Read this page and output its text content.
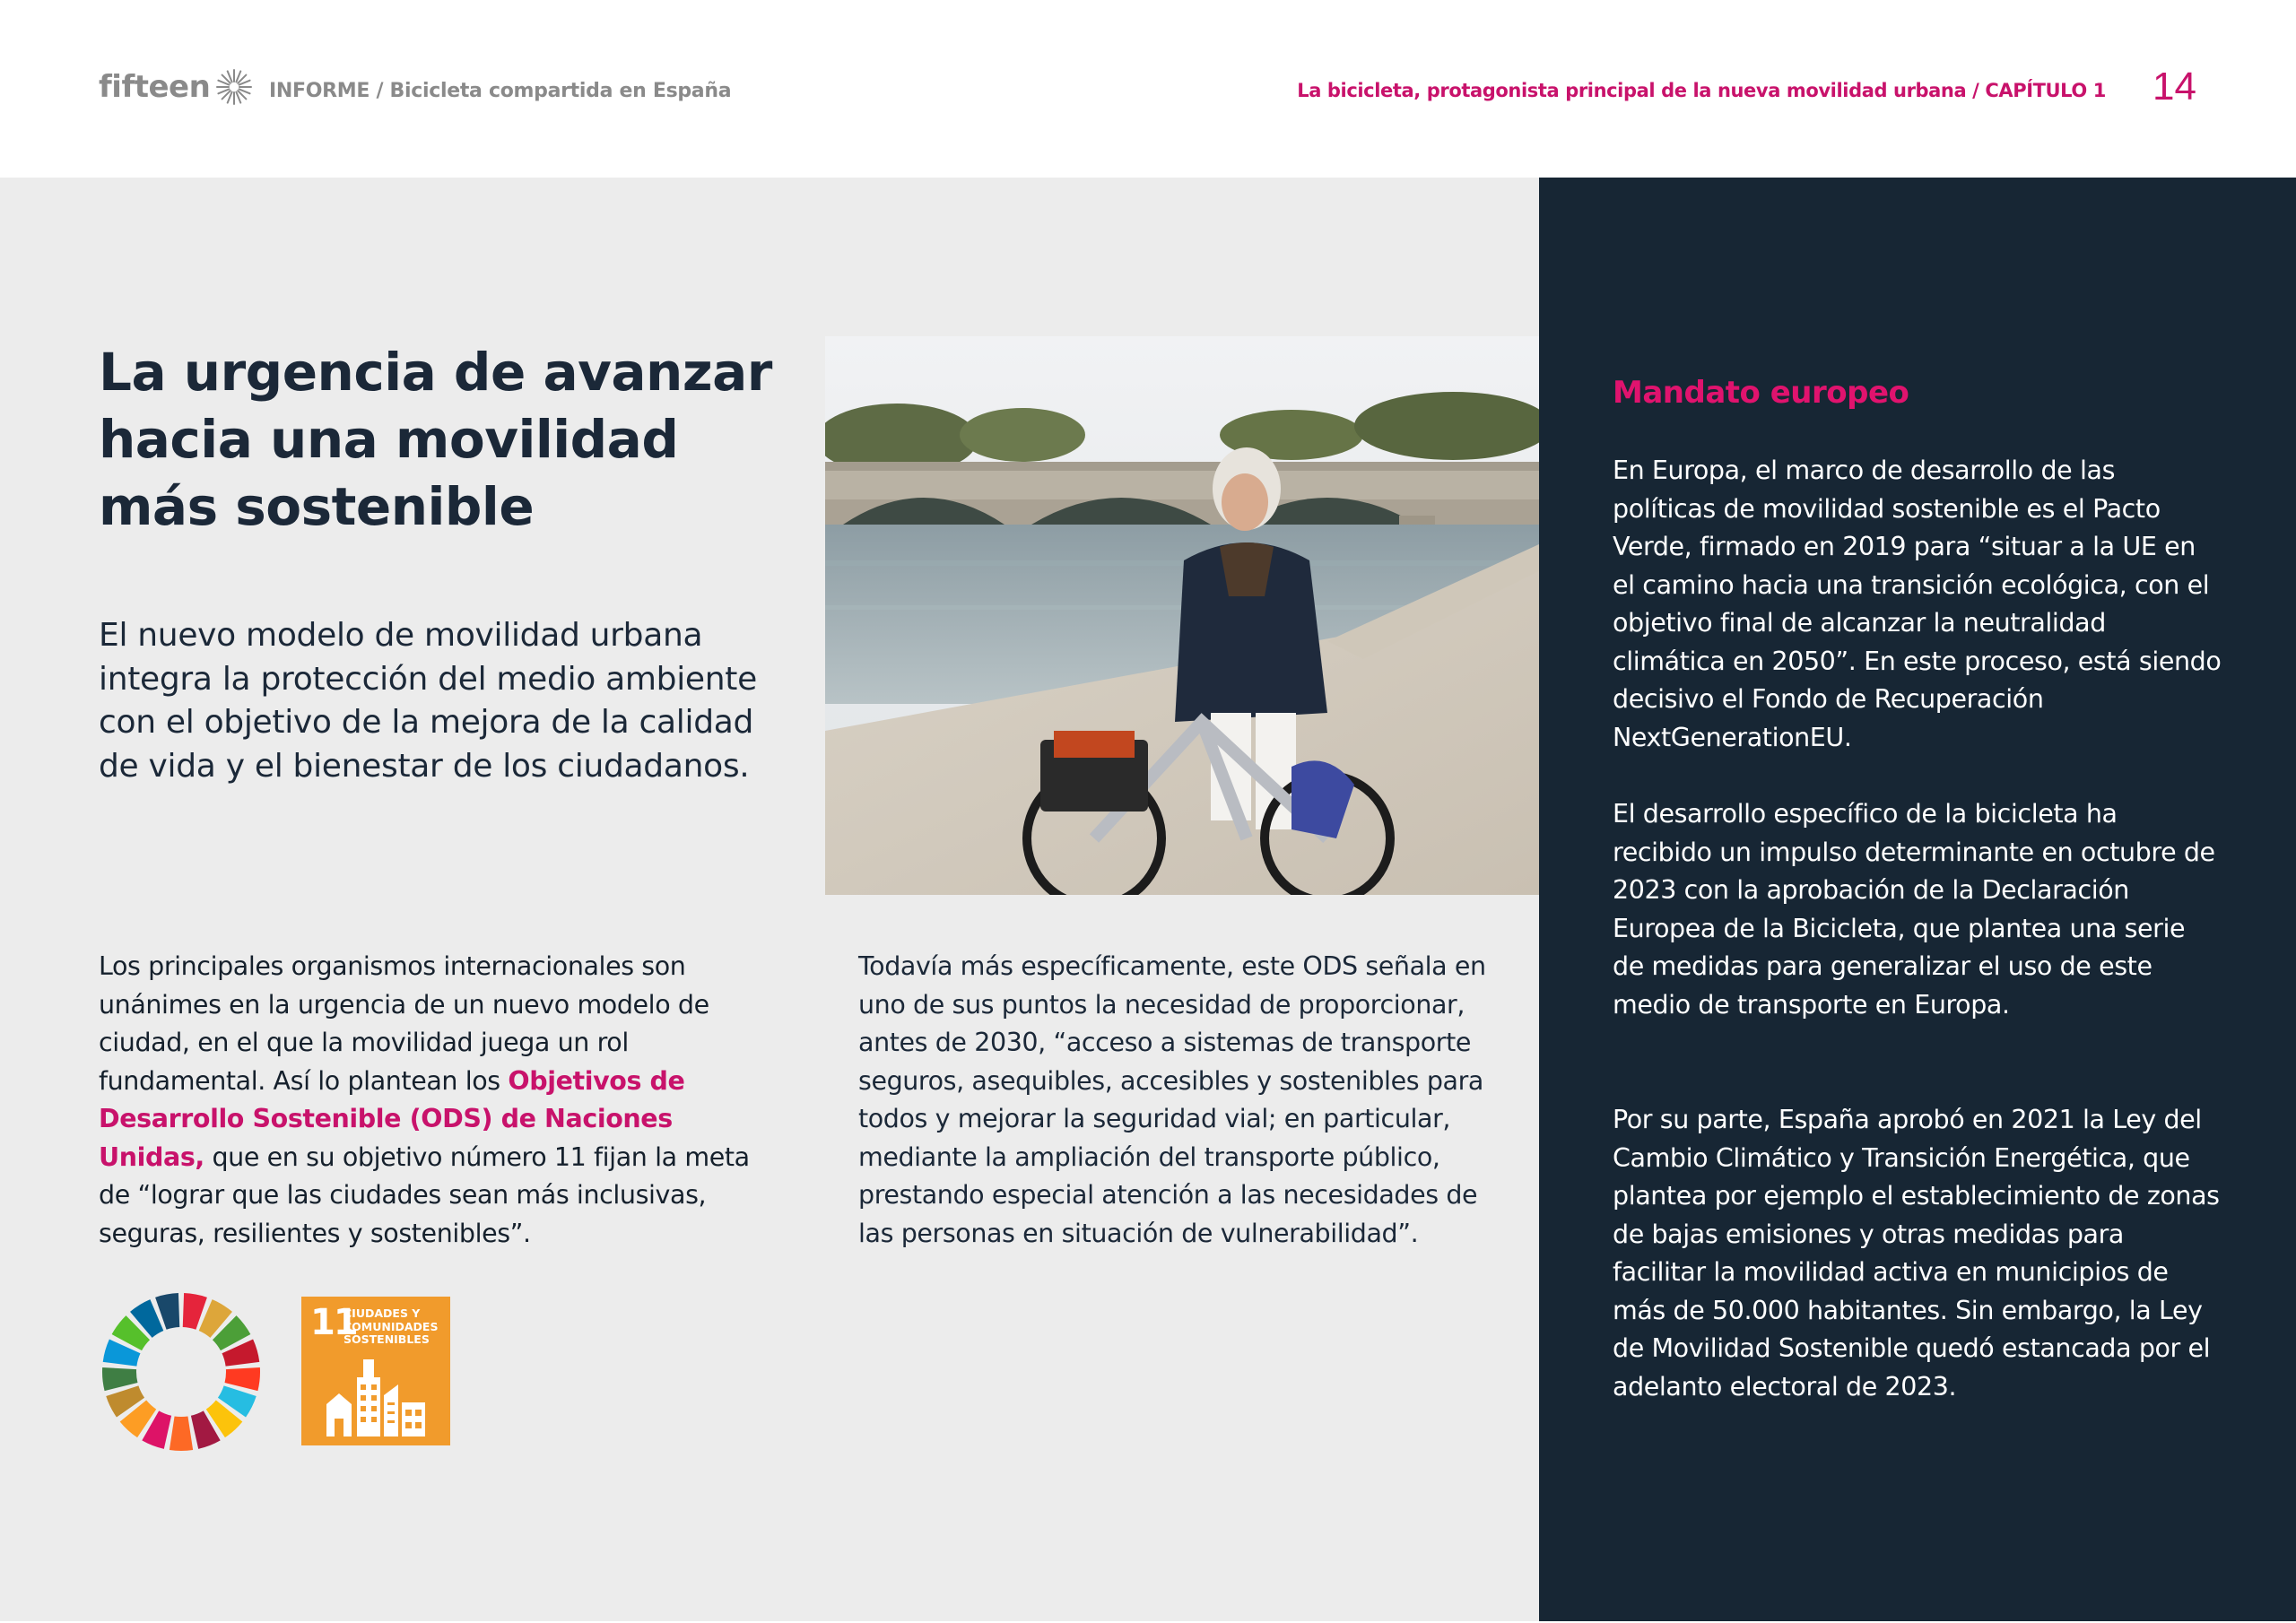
fifteen	INFORME / Bicicleta compartida en España	La bicicleta, protagonista principal de la nueva movilidad urbana / CAPÍTULO 1 14
La urgencia de avanzar hacia una movilidad más sostenible

El nuevo modelo de movilidad urbana integra la protección del medio ambiente con el objetivo de la mejora de la calidad de vida y el bienestar de los ciudadanos.

Los principales organismos internacionales son unánimes en la urgencia de un nuevo modelo de ciudad, en el que la movilidad juega un rol fundamental. Así lo plantean los Objetivos de Desarrollo Sostenible (ODS) de Naciones Unidas, que en su objetivo número 11 fijan la meta de “lograr que las ciudades sean más inclusivas, seguras, resilientes y sostenibles”.

Todavía más específicamente, este ODS señala en uno de sus puntos la necesidad de proporcionar, antes de 2030, “acceso a sistemas de transporte seguros, asequibles, accesibles y sostenibles para todos y mejorar la seguridad vial; en particular, mediante la ampliación del transporte público, prestando especial atención a las necesidades de las personas en situación de vulnerabilidad”.

11
CIUDADES Y COMUNIDADES SOSTENIBLES
Mandato europeo

En Europa, el marco de desarrollo de las políticas de movilidad sostenible es el Pacto Verde, firmado en 2019 para “situar a la UE en el camino hacia una transición ecológica, con el objetivo final de alcanzar la neutralidad climática en 2050”. En este proceso, está siendo decisivo el Fondo de Recuperación NextGenerationEU.

El desarrollo específico de la bicicleta ha recibido un impulso determinante en octubre de 2023 con la aprobación de la Declaración Europea de la Bicicleta, que plantea una serie de medidas para generalizar el uso de este medio de transporte en Europa.

Por su parte, España aprobó en 2021 la Ley del Cambio Climático y Transición Energética, que plantea por ejemplo el establecimiento de zonas de bajas emisiones y otras medidas para facilitar la movilidad activa en municipios de más de 50.000 habitantes. Sin embargo, la Ley de Movilidad Sostenible quedó estancada por el adelanto electoral de 2023.
